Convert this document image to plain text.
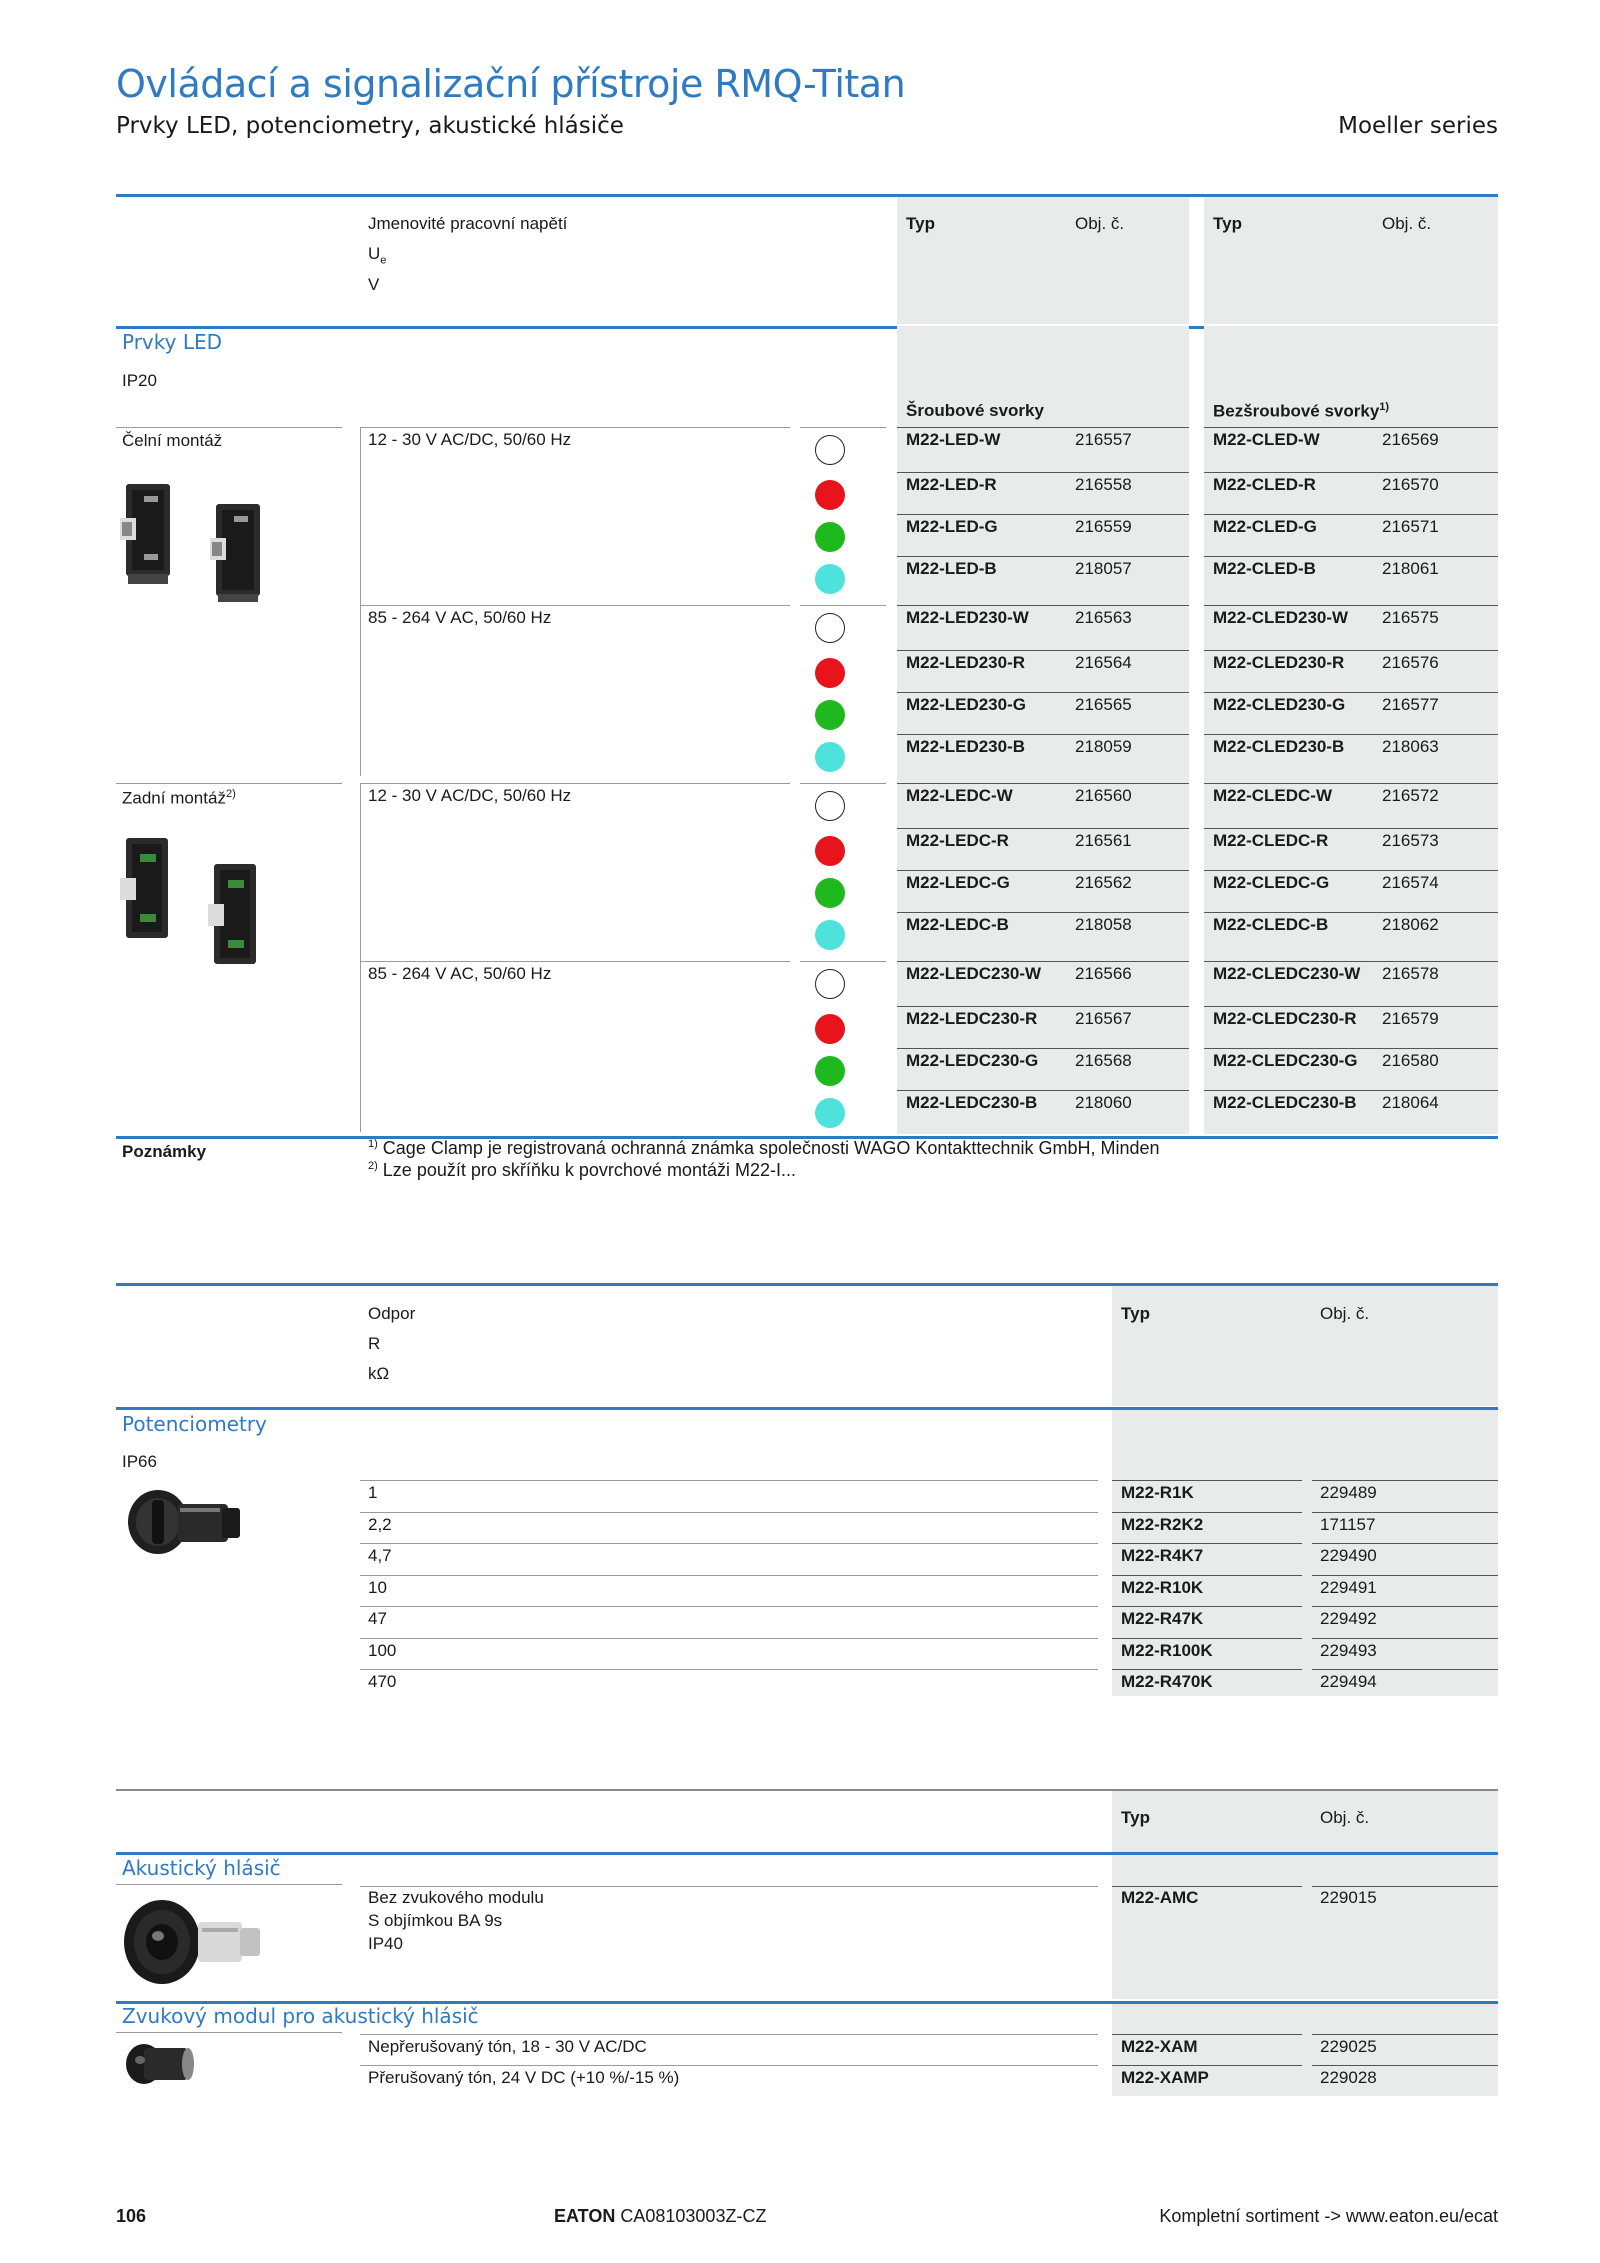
Ovládací a signalizační přístroje RMQ-Titan
Prvky LED, potenciometry, akustické hlásiče	Moeller series
Jmenovité pracovní napětí
$U_e$
V
Typ	Obj. č.	Typ	Obj. č.
Prvky LED
IP20
Šroubové svorky	Bezšroubové svorky$^{1)}$
Čelní montáž
Zadní montáž$^{2)}$
12 - 30 V AC/DC, 50/60 Hz	M22-LED-W	216557	M22-CLED-W	216569
M22-LED-R	216558	M22-CLED-R	216570
M22-LED-G	216559	M22-CLED-G	216571
M22-LED-B	218057	M22-CLED-B	218061
85 - 264 V AC, 50/60 Hz	M22-LED230-W	216563	M22-CLED230-W 216575
M22-LED230-R	216564	M22-CLED230-R 216576
M22-LED230-G	216565	M22-CLED230-G 216577
M22-LED230-B	218059	M22-CLED230-B 218063
12 - 30 V AC/DC, 50/60 Hz	M22-LEDC-W	216560	M22-CLEDC-W	216572
M22-LEDC-R	216561	M22-CLEDC-R	216573
M22-LEDC-G	216562	M22-CLEDC-G	216574
M22-LEDC-B	218058	M22-CLEDC-B	218062
85 - 264 V AC, 50/60 Hz	M22-LEDC230-W 216566	M22-CLEDC230-W 216578
M22-LEDC230-R 216567	M22-CLEDC230-R 216579
M22-LEDC230-G 216568	M22-CLEDC230-G 216580
M22-LEDC230-B 218060	M22-CLEDC230-B 218064
Poznámky	$^{1)}$ Cage Clamp je registrovaná ochranná známka společnosti WAGO Kontakttechnik GmbH, Minden
$^{2)}$ Lze použít pro skříňku k povrchové montáži M22-I...
Odpor
R
kΩ
Typ	Obj. č.
Potenciometry
IP66
1	M22-R1K	229489
2,2	M22-R2K2	171157
4,7	M22-R4K7	229490
10	M22-R10K	229491
47	M22-R47K	229492
100	M22-R100K	229493
470	M22-R470K	229494
Typ	Obj. č.
Akustický hlásič
Bez zvukového modulu
S objímkou BA 9s
IP40
M22-AMC	229015
Zvukový modul pro akustický hlásič
Nepřerušovaný tón, 18 - 30 V AC/DC	M22-XAM	229025
Přerušovaný tón, 24 V DC (+10 %/-15 %)	M22-XAMP	229028
106	EATON CA08103003Z-CZ	Kompletní sortiment -> www.eaton.eu/ecat
